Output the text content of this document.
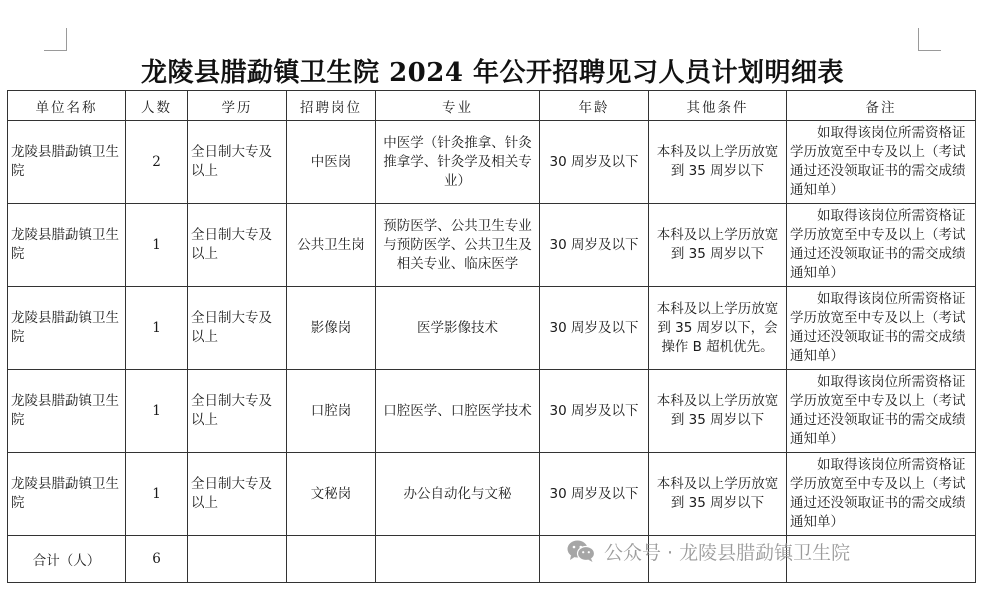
龙陵县腊勐镇卫生院 2024 年公开招聘见习人员计划明细表
单位名称	人数	学历	招聘岗位	专业	年龄	其他条件	备注
龙陵县腊勐镇卫生院	2	全日制大专及以上	中医岗	中医学（针灸推拿、针灸推拿学、针灸学及相关专业）	30 周岁及以下	本科及以上学历放宽到 35 周岁以下	如取得该岗位所需资格证学历放宽至中专及以上（考试通过还没领取证书的需交成绩通知单）
龙陵县腊勐镇卫生院	1	全日制大专及以上	公共卫生岗	预防医学、公共卫生专业与预防医学、公共卫生及相关专业、临床医学	30 周岁及以下	本科及以上学历放宽到 35 周岁以下	如取得该岗位所需资格证学历放宽至中专及以上（考试通过还没领取证书的需交成绩通知单）
龙陵县腊勐镇卫生院	1	全日制大专及以上	影像岗	医学影像技术	30 周岁及以下	本科及以上学历放宽到 35 周岁以下，会操作 B 超机优先。	如取得该岗位所需资格证学历放宽至中专及以上（考试通过还没领取证书的需交成绩通知单）
龙陵县腊勐镇卫生院	1	全日制大专及以上	口腔岗	口腔医学、口腔医学技术	30 周岁及以下	本科及以上学历放宽到 35 周岁以下	如取得该岗位所需资格证学历放宽至中专及以上（考试通过还没领取证书的需交成绩通知单）
龙陵县腊勐镇卫生院	1	全日制大专及以上	文秘岗	办公自动化与文秘	30 周岁及以下	本科及以上学历放宽到 35 周岁以下	如取得该岗位所需资格证学历放宽至中专及以上（考试通过还没领取证书的需交成绩通知单）
合计（人）	6							公众号 · 龙陵县腊勐镇卫生院
